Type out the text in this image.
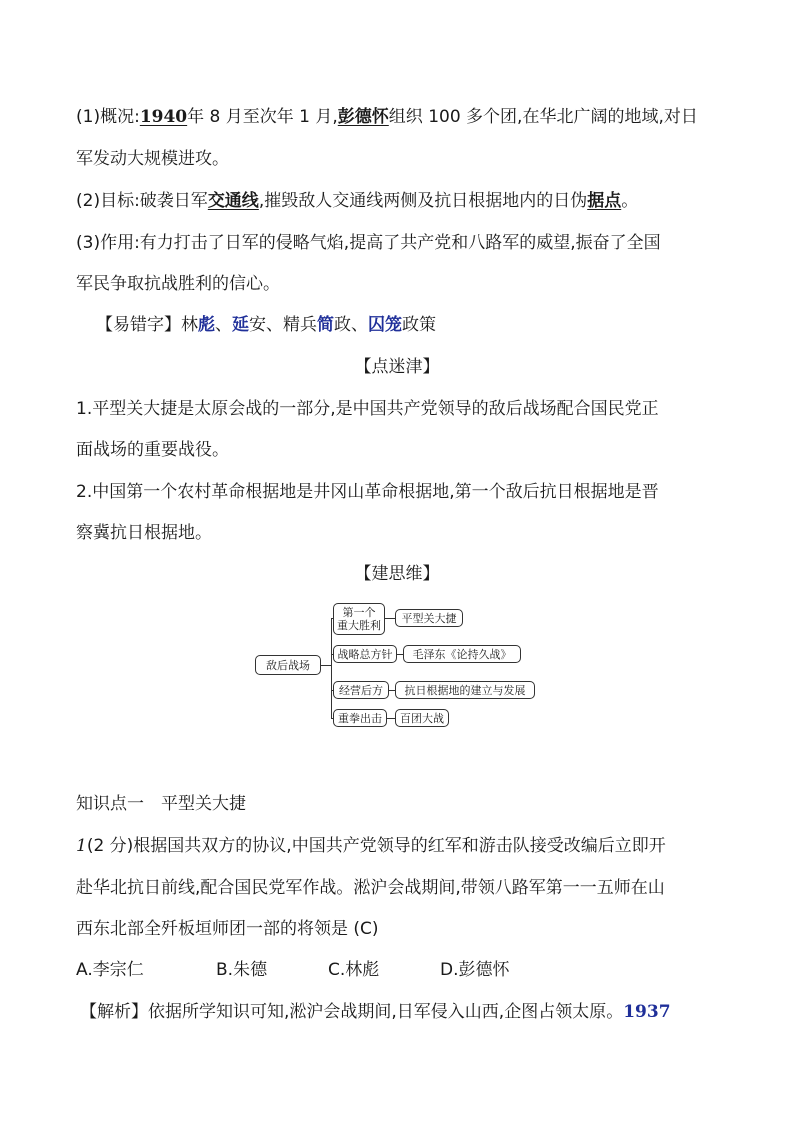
(1)概况:1940年 8 月至次年 1 月,彭德怀组织 100 多个团,在华北广阔的地域,对日
军发动大规模进攻。
(2)目标:破袭日军交通线,摧毁敌人交通线两侧及抗日根据地内的日伪据点。
(3)作用:有力打击了日军的侵略气焰,提高了共产党和八路军的威望,振奋了全国
军民争取抗战胜利的信心。
【易错字】林彪、延安、精兵简政、囚笼政策
【点迷津】
1.平型关大捷是太原会战的一部分,是中国共产党领导的敌后战场配合国民党正
面战场的重要战役。
2.中国第一个农村革命根据地是井冈山革命根据地,第一个敌后抗日根据地是晋
察冀抗日根据地。
【建思维】
敌后战场
第一个
重大胜利
平型关大捷
战略总方针	毛泽东《论持久战》
经营后方	抗日根据地的建立与发展
重拳出击	百团大战
知识点一　平型关大捷
1(2 分)根据国共双方的协议,中国共产党领导的红军和游击队接受改编后立即开
赴华北抗日前线,配合国民党军作战。淞沪会战期间,带领八路军第一一五师在山
西东北部全歼板垣师团一部的将领是 (C)
A.李宗仁	B.朱德	C.林彪	D.彭德怀
【解析】依据所学知识可知,淞沪会战期间,日军侵入山西,企图占领太原。1937
